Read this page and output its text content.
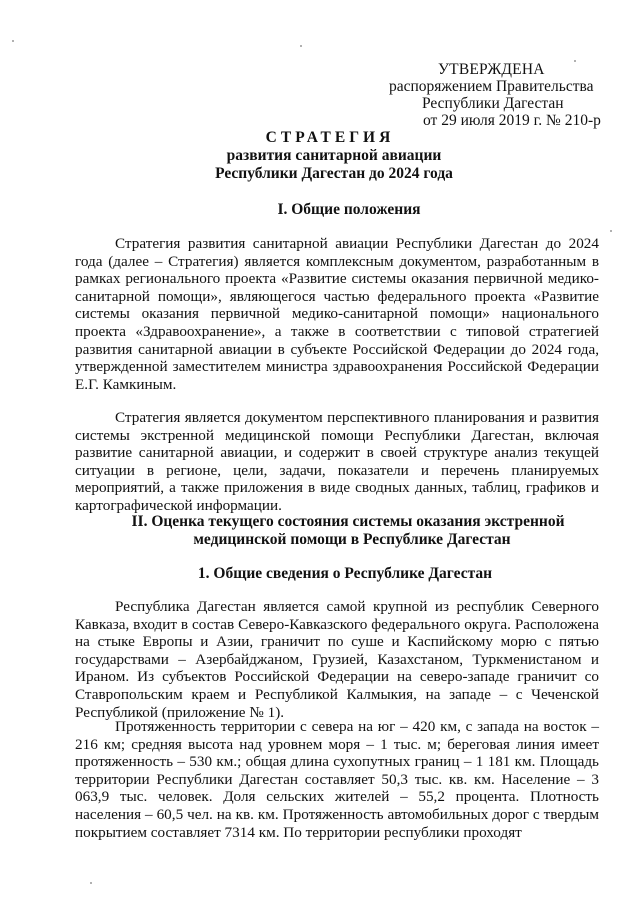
УТВЕРЖДЕНА
распоряжением Правительства
Республики Дагестан
от 29 июля 2019 г. № 210-р
СТРАТЕГИЯ
развития санитарной авиации
Республики Дагестан до 2024 года
I. Общие положения
Стратегия развития санитарной авиации Республики Дагестан до 2024 года (далее – Стратегия) является комплексным документом, разработанным в рамках регионального проекта «Развитие системы оказания первичной медико-санитарной помощи», являющегося частью федерального проекта «Развитие системы оказания первичной медико-санитарной помощи» национального проекта «Здравоохранение», а также в соответствии с типовой стратегией развития санитарной авиации в субъекте Российской Федерации до 2024 года, утвержденной заместителем министра здравоохранения Российской Федерации Е.Г. Камкиным.
Стратегия является документом перспективного планирования и развития системы экстренной медицинской помощи Республики Дагестан, включая развитие санитарной авиации, и содержит в своей структуре анализ текущей ситуации в регионе, цели, задачи, показатели и перечень планируемых мероприятий, а также приложения в виде сводных данных, таблиц, графиков и картографической информации.
II. Оценка текущего состояния системы оказания экстренной
медицинской помощи в Республике Дагестан
1. Общие сведения о Республике Дагестан
Республика Дагестан является самой крупной из республик Северного Кавказа, входит в состав Северо-Кавказского федерального округа. Расположена на стыке Европы и Азии, граничит по суше и Каспийскому морю с пятью государствами – Азербайджаном, Грузией, Казахстаном, Туркменистаном и Ираном. Из субъектов Российской Федерации на северо-западе граничит со Ставропольским краем и Республикой Калмыкия, на западе – с Чеченской Республикой (приложение № 1).
Протяженность территории с севера на юг – 420 км, с запада на восток – 216 км; средняя высота над уровнем моря – 1 тыс. м; береговая линия имеет протяженность – 530 км.; общая длина сухопутных границ – 1 181 км. Площадь территории Республики Дагестан составляет 50,3 тыс. кв. км. Население – 3 063,9 тыс. человек. Доля сельских жителей – 55,2 процента. Плотность населения – 60,5 чел. на кв. км. Протяженность автомобильных дорог с твердым покрытием составляет 7314 км. По территории республики проходят
